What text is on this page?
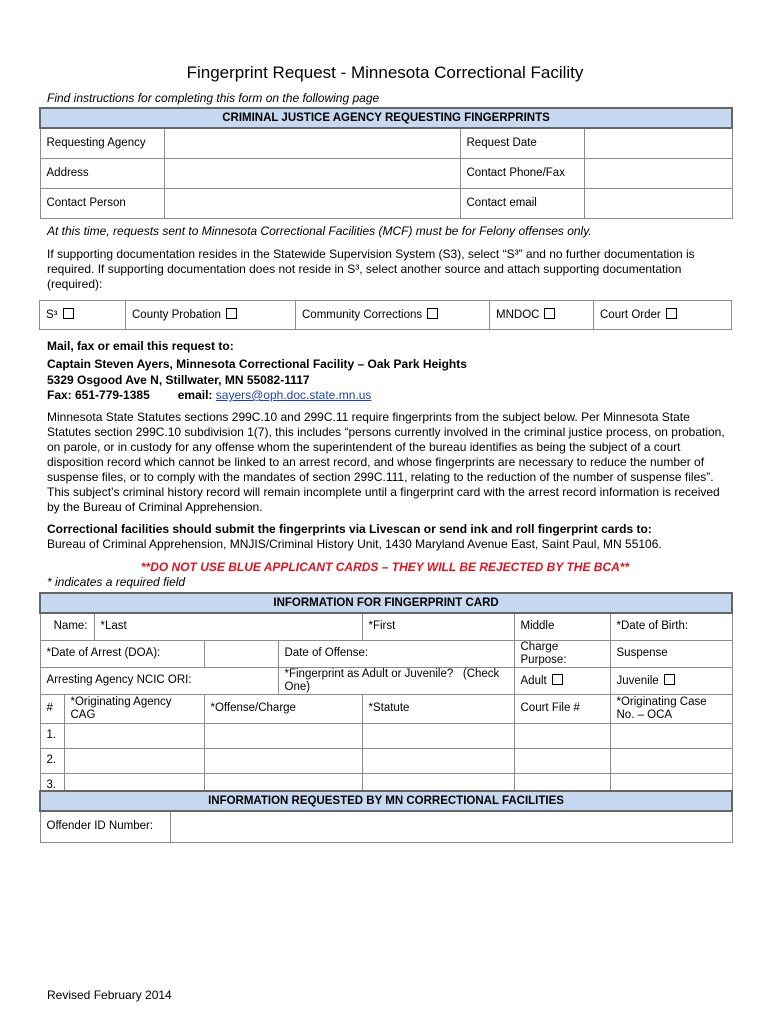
Fingerprint Request - Minnesota Correctional Facility
Find instructions for completing this form on the following page
CRIMINAL JUSTICE AGENCY REQUESTING FINGERPRINTS			
Requesting Agency		Request Date	
Address		Contact Phone/Fax	
Contact Person		Contact email	

At this time, requests sent to Minnesota Correctional Facilities (MCF) must be for Felony offenses only.

If supporting documentation resides in the Statewide Supervision System (S3), select “S³” and no further documentation is required. If supporting documentation does not reside in S³, select another source and attach supporting documentation (required):

S³	County Probation	Community Corrections	MNDOC	Court Order
Mail, fax or email this request to:
Captain Steven Ayers, Minnesota Correctional Facility – Oak Park Heights
5329 Osgood Ave N, Stillwater, MN 55082-1117
Fax: 651-779-1385 email: sayers@oph.doc.state.mn.us

Minnesota State Statutes sections 299C.10 and 299C.11 require fingerprints from the subject below. Per Minnesota State Statutes section 299C.10 subdivision 1(7), this includes “persons currently involved in the criminal justice process, on probation, on parole, or in custody for any offense whom the superintendent of the bureau identifies as being the subject of a court disposition record which cannot be linked to an arrest record, and whose fingerprints are necessary to reduce the number of suspense files, or to comply with the mandates of section 299C.111, relating to the reduction of the number of suspense files”. This subject’s criminal history record will remain incomplete until a fingerprint card with the arrest record information is received by the Bureau of Criminal Apprehension.

Correctional facilities should submit the fingerprints via Livescan or send ink and roll fingerprint cards to:
Bureau of Criminal Apprehension, MNJIS/Criminal History Unit, 1430 Maryland Avenue East, Saint Paul, MN 55106.
**DO NOT USE BLUE APPLICANT CARDS – THEY WILL BE REJECTED BY THE BCA**
* indicates a required field
INFORMATION FOR FINGERPRINT CARD							
Name:		*Last			*First	Middle	*Date of Birth:
*Date of Arrest (DOA):				Date of Offense:		Charge Purpose:	Suspense
Arresting Agency NCIC ORI:				*Fingerprint as Adult or Juvenile? (Check One)		Adult	Juvenile
#	*Originating Agency CAG		*Offense/Charge		*Statute	Court File #	*Originating Case No. – OCA
1.							
2.							
3.							
INFORMATION REQUESTED BY MN CORRECTIONAL FACILITIES
Offender ID Number:	
Revised February 2014
